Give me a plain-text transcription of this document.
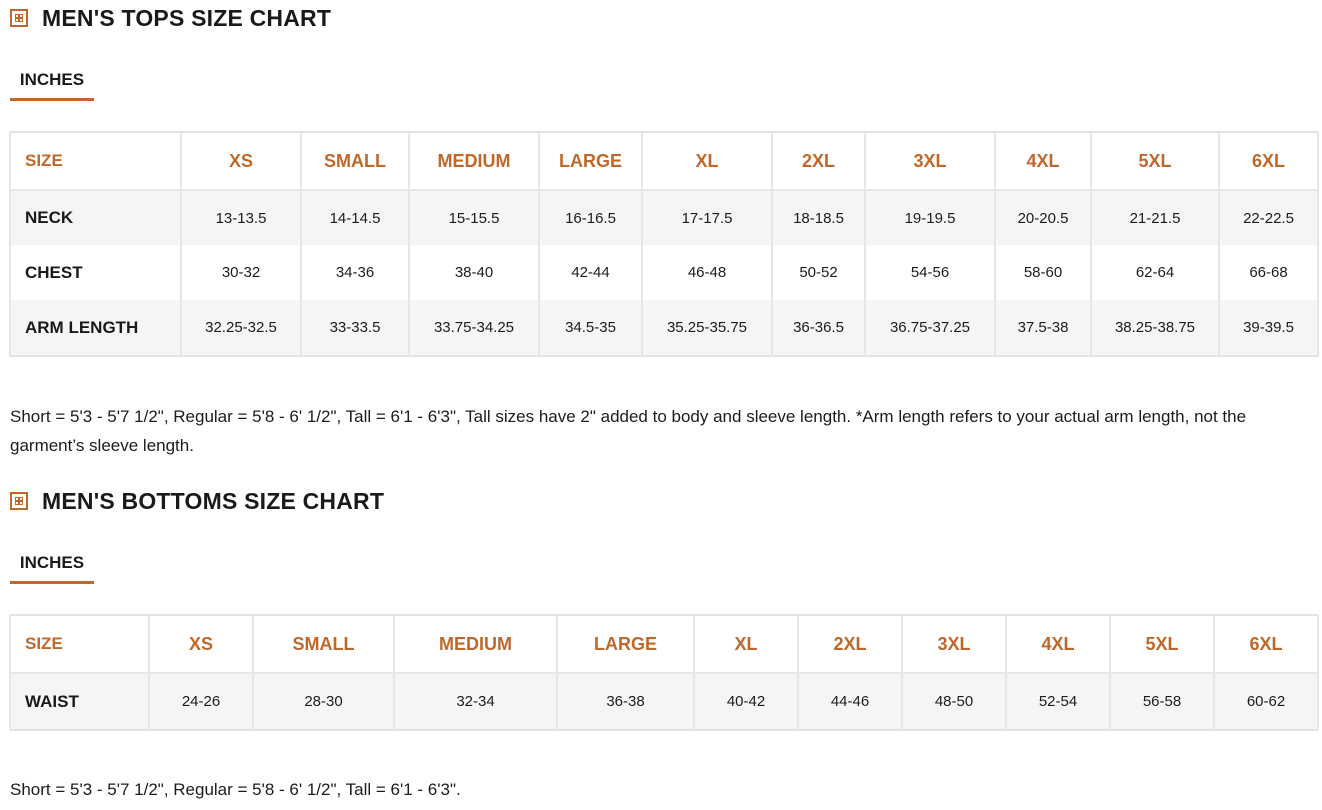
MEN'S TOPS SIZE CHART
INCHES
SIZE	XS	SMALL	MEDIUM	LARGE	XL	2XL	3XL	4XL	5XL	6XL
NECK	13-13.5	14-14.5	15-15.5	16-16.5	17-17.5	18-18.5	19-19.5	20-20.5	21-21.5	22-22.5
CHEST	30-32	34-36	38-40	42-44	46-48	50-52	54-56	58-60	62-64	66-68
ARM LENGTH	32.25-32.5	33-33.5	33.75-34.25	34.5-35	35.25-35.75	36-36.5	36.75-37.25	37.5-38	38.25-38.75	39-39.5
Short = 5'3 - 5'7 1/2", Regular = 5'8 - 6' 1/2", Tall = 6'1 - 6'3", Tall sizes have 2" added to body and sleeve length. *Arm length refers to your actual arm length, not the garment’s sleeve length.
MEN'S BOTTOMS SIZE CHART
INCHES
SIZE	XS	SMALL	MEDIUM	LARGE	XL	2XL	3XL	4XL	5XL	6XL
WAIST	24-26	28-30	32-34	36-38	40-42	44-46	48-50	52-54	56-58	60-62
Short = 5'3 - 5'7 1/2", Regular = 5'8 - 6' 1/2", Tall = 6'1 - 6'3".
